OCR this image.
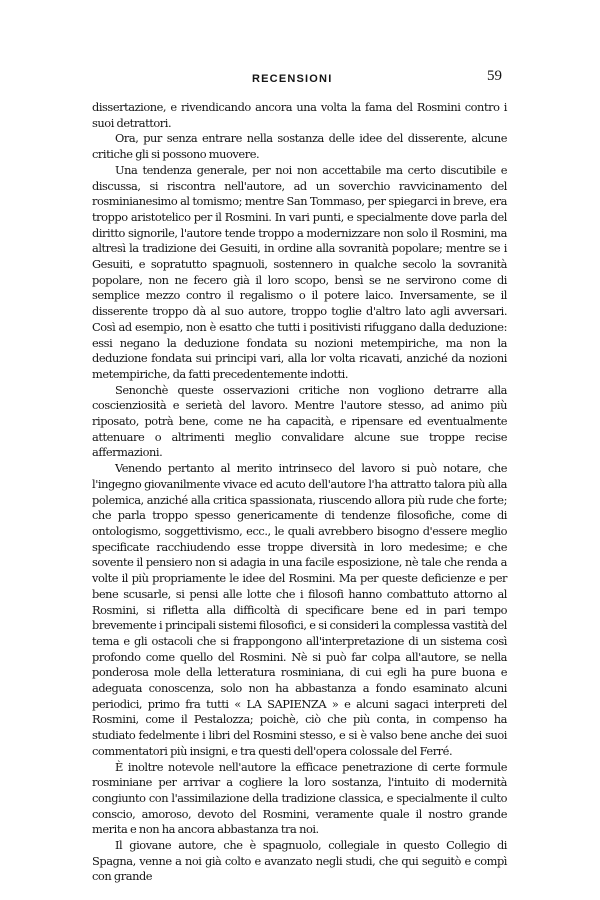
RECENSIONI	59

dissertazione, e rivendicando ancora una volta la fama del Rosmini contro i suoi detrattori.

Ora, pur senza entrare nella sostanza delle idee del disserente, alcune critiche gli si possono muovere.

Una tendenza generale, per noi non accettabile ma certo discutibile e discussa, si riscontra nell'autore, ad un soverchio ravvicinamento del rosminianesimo al tomismo; mentre San Tommaso, per spiegarci in breve, era troppo aristotelico per il Rosmini. In vari punti, e specialmente dove parla del diritto signorile, l'autore tende troppo a modernizzare non solo il Rosmini, ma altresì la tradizione dei Gesuiti, in ordine alla sovranità popolare; mentre se i Gesuiti, e sopratutto spagnuoli, sostennero in qualche secolo la sovranità popolare, non ne fecero già il loro scopo, bensì se ne servirono come di semplice mezzo contro il regalismo o il potere laico. Inversamente, se il disserente troppo dà al suo autore, troppo toglie d'altro lato agli avversari. Così ad esempio, non è esatto che tutti i positivisti rifuggano dalla deduzione: essi negano la deduzione fondata su nozioni metempiriche, ma non la deduzione fondata sui principi vari, alla lor volta ricavati, anziché da nozioni metempiriche, da fatti precedentemente indotti.

Senonchè queste osservazioni critiche non vogliono detrarre alla coscienziosità e serietà del lavoro. Mentre l'autore stesso, ad animo più riposato, potrà bene, come ne ha capacità, e ripensare ed eventualmente attenuare o altrimenti meglio convalidare alcune sue troppe recise affermazioni.

Venendo pertanto al merito intrinseco del lavoro si può notare, che l'ingegno giovanilmente vivace ed acuto dell'autore l'ha attratto talora più alla polemica, anziché alla critica spassionata, riuscendo allora più rude che forte; che parla troppo spesso genericamente di tendenze filosofiche, come di ontologismo, soggettivismo, ecc., le quali avrebbero bisogno d'essere meglio specificate racchiudendo esse troppe diversità in loro medesime; e che sovente il pensiero non si adagia in una facile esposizione, nè tale che renda a volte il più propriamente le idee del Rosmini. Ma per queste deficienze e per bene scusarle, si pensi alle lotte che i filosofi hanno combattuto attorno al Rosmini, si rifletta alla difficoltà di specificare bene ed in pari tempo brevemente i principali sistemi filosofici, e si consideri la complessa vastità del tema e gli ostacoli che si frappongono all'interpretazione di un sistema così profondo come quello del Rosmini. Nè si può far colpa all'autore, se nella ponderosa mole della letteratura rosminiana, di cui egli ha pure buona e adeguata conoscenza, solo non ha abbastanza a fondo esaminato alcuni periodici, primo fra tutti « LA SAPIENZA » e alcuni sagaci interpreti del Rosmini, come il Pestalozza; poichè, ciò che più conta, in compenso ha studiato fedelmente i libri del Rosmini stesso, e si è valso bene anche dei suoi commentatori più insigni, e tra questi dell'opera colossale del Ferré.

È inoltre notevole nell'autore la efficace penetrazione di certe formule rosminiane per arrivar a cogliere la loro sostanza, l'intuito di modernità congiunto con l'assimilazione della tradizione classica, e specialmente il culto conscio, amoroso, devoto del Rosmini, veramente quale il nostro grande merita e non ha ancora abbastanza tra noi.

Il giovane autore, che è spagnuolo, collegiale in questo Collegio di Spagna, venne a noi già colto e avanzato negli studi, che qui seguitò e compì con grande
